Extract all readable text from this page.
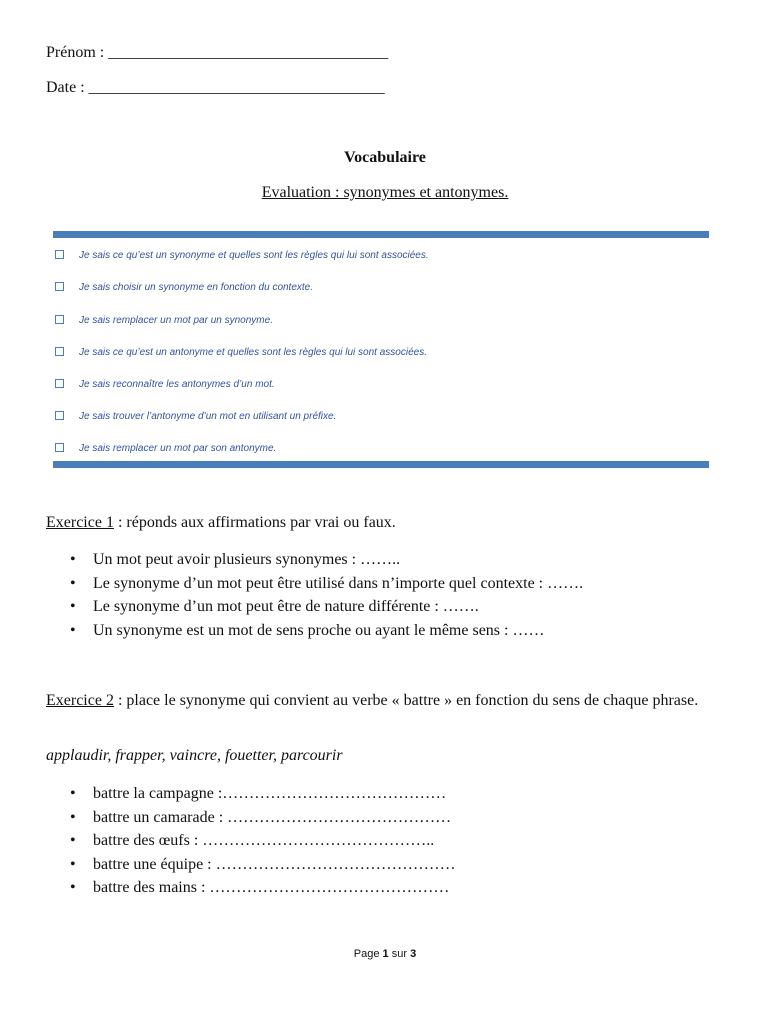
Prénom : ___________________________________
Date : _____________________________________
Vocabulaire
Evaluation : synonymes et antonymes.
Je sais ce qu’est un synonyme et quelles sont les règles qui lui sont associées.
Je sais choisir un synonyme en fonction du contexte.
Je sais remplacer un mot par un synonyme.
Je sais ce qu’est un antonyme et quelles sont les règles qui lui sont associées.
Je sais reconnaître les antonymes d’un mot.
Je sais trouver l’antonyme d’un mot en utilisant un préfixe.
Je sais remplacer un mot par son antonyme.
Exercice 1 : réponds aux affirmations par vrai ou faux.
• Un mot peut avoir plusieurs synonymes : ……..
• Le synonyme d’un mot peut être utilisé dans n’importe quel contexte : …….
• Le synonyme d’un mot peut être de nature différente : …….
• Un synonyme est un mot de sens proche ou ayant le même sens : ……
Exercice 2 : place le synonyme qui convient au verbe « battre » en fonction du sens de chaque phrase.
applaudir, frapper, vaincre, fouetter, parcourir
• battre la campagne :……………………………………
• battre un camarade : ……………………………………
• battre des œufs : ……………………………………..
• battre une équipe : ………………………………………
• battre des mains : ………………………………………
Page 1 sur 3
